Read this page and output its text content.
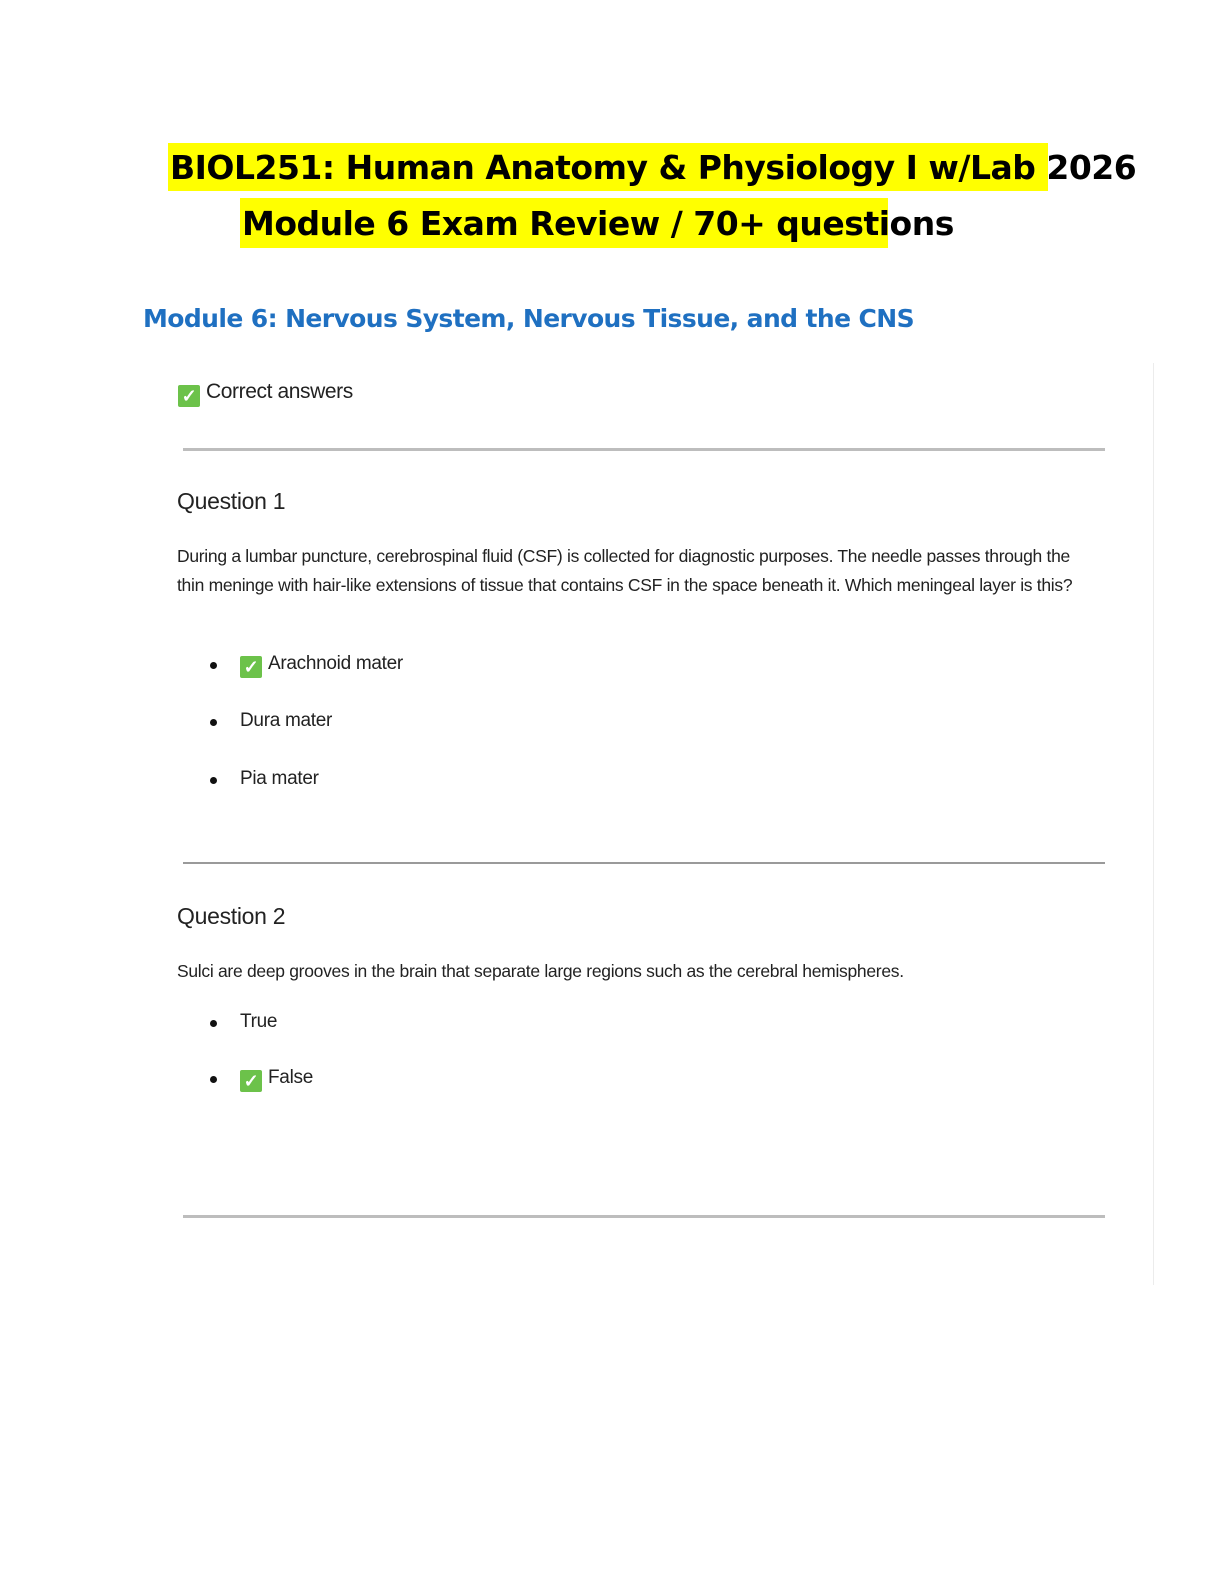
BIOL251: Human Anatomy & Physiology I w/Lab 2026
Module 6 Exam Review / 70+ questions
Module 6: Nervous System, Nervous Tissue, and the CNS
✓ Correct answers
Question 1
During a lumbar puncture, cerebrospinal fluid (CSF) is collected for diagnostic purposes. The needle passes through the thin meninge with hair-like extensions of tissue that contains CSF in the space beneath it. Which meningeal layer is this?
✓ Arachnoid mater
Dura mater
Pia mater
Question 2
Sulci are deep grooves in the brain that separate large regions such as the cerebral hemispheres.
True
✓ False
